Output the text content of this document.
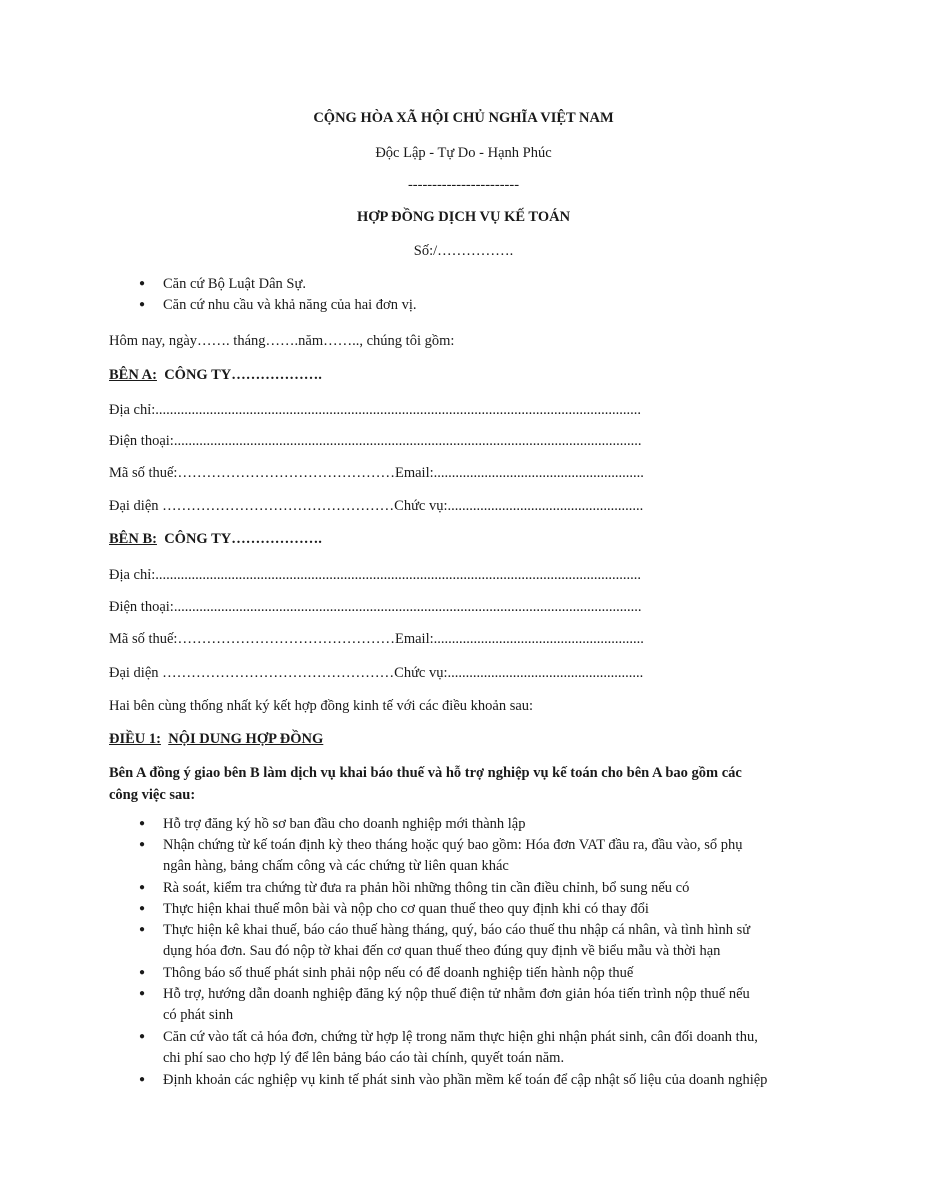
CỘNG HÒA XÃ HỘI CHỦ NGHĨA VIỆT NAM
Độc Lập - Tự Do - Hạnh Phúc
-----------------------
HỢP ĐỒNG DỊCH VỤ KẾ TOÁN
Số:/…………….
● Căn cứ Bộ Luật Dân Sự.
● Căn cứ nhu cầu và khả năng của hai đơn vị.
Hôm nay, ngày……. tháng…….năm…….., chúng tôi gồm:
BÊN A: CÔNG TY……………….
Địa chỉ:......................................................................................................................................
Điện thoại:.................................................................................................................................
Mã số thuế:………………………………………Email:..........................................................
Đại diện …………………………………………Chức vụ:......................................................
BÊN B: CÔNG TY……………….
Địa chỉ:......................................................................................................................................
Điện thoại:.................................................................................................................................
Mã số thuế:………………………………………Email:..........................................................
Đại diện …………………………………………Chức vụ:......................................................
Hai bên cùng thống nhất ký kết hợp đồng kinh tế với các điều khoản sau:
ĐIỀU 1: NỘI DUNG HỢP ĐỒNG
Bên A đồng ý giao bên B làm dịch vụ khai báo thuế và hỗ trợ nghiệp vụ kế toán cho bên A bao gồm các
công việc sau:
● Hỗ trợ đăng ký hồ sơ ban đầu cho doanh nghiệp mới thành lập
● Nhận chứng từ kế toán định kỳ theo tháng hoặc quý bao gồm: Hóa đơn VAT đầu ra, đầu vào, sổ phụ
ngân hàng, bảng chấm công và các chứng từ liên quan khác
● Rà soát, kiểm tra chứng từ đưa ra phản hồi những thông tin cần điều chỉnh, bổ sung nếu có
● Thực hiện khai thuế môn bài và nộp cho cơ quan thuế theo quy định khi có thay đổi
● Thực hiện kê khai thuế, báo cáo thuế hàng tháng, quý, báo cáo thuế thu nhập cá nhân, và tình hình sử
dụng hóa đơn. Sau đó nộp tờ khai đến cơ quan thuế theo đúng quy định về biểu mẫu và thời hạn
● Thông báo số thuế phát sinh phải nộp nếu có để doanh nghiệp tiến hành nộp thuế
● Hỗ trợ, hướng dẫn doanh nghiệp đăng ký nộp thuế điện tử nhằm đơn giản hóa tiến trình nộp thuế nếu
có phát sinh
● Căn cứ vào tất cả hóa đơn, chứng từ hợp lệ trong năm thực hiện ghi nhận phát sinh, cân đối doanh thu,
chi phí sao cho hợp lý để lên bảng báo cáo tài chính, quyết toán năm.
● Định khoản các nghiệp vụ kinh tế phát sinh vào phần mềm kế toán để cập nhật số liệu của doanh nghiệp
